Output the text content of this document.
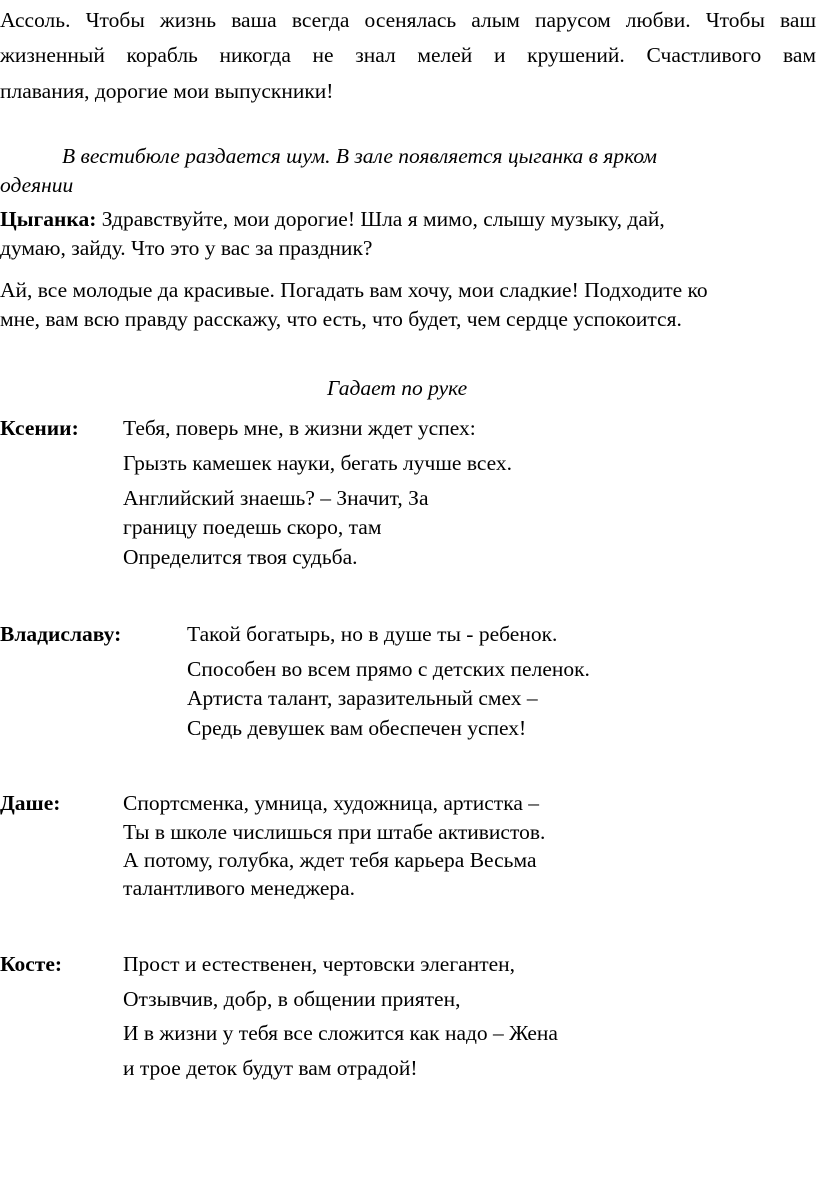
Ассоль. Чтобы жизнь ваша всегда осенялась алым парусом любви. Чтобы ваш
жизненный корабль никогда не знал мелей и крушений. Счастливого вам
плавания, дорогие мои выпускники!
В вестибюле раздается шум. В зале появляется цыганка в ярком
одеянии
Цыганка: Здравствуйте, мои дорогие! Шла я мимо, слышу музыку, дай,
думаю, зайду. Что это у вас за праздник?
Ай, все молодые да красивые. Погадать вам хочу, мои сладкие! Подходите ко
мне, вам всю правду расскажу, что есть, что будет, чем сердце успокоится.
Гадает по руке
Ксении: Тебя, поверь мне, в жизни ждет успех:
Грызть камешек науки, бегать лучше всех.
Английский знаешь? – Значит, За
границу поедешь скоро, там
Определится твоя судьба.
Владиславу:	Такой богатырь, но в душе ты - ребенок.
Способен во всем прямо с детских пеленок.
Артиста талант, заразительный смех –
Средь девушек вам обеспечен успех!
Даше:	Спортсменка, умница, художница, артистка –
Ты в школе числишься при штабе активистов.
А потому, голубка, ждет тебя карьера Весьма
талантливого менеджера.
Косте:	Прост и естественен, чертовски элегантен,
Отзывчив, добр, в общении приятен,
И в жизни у тебя все сложится как надо – Жена
и трое деток будут вам отрадой!
